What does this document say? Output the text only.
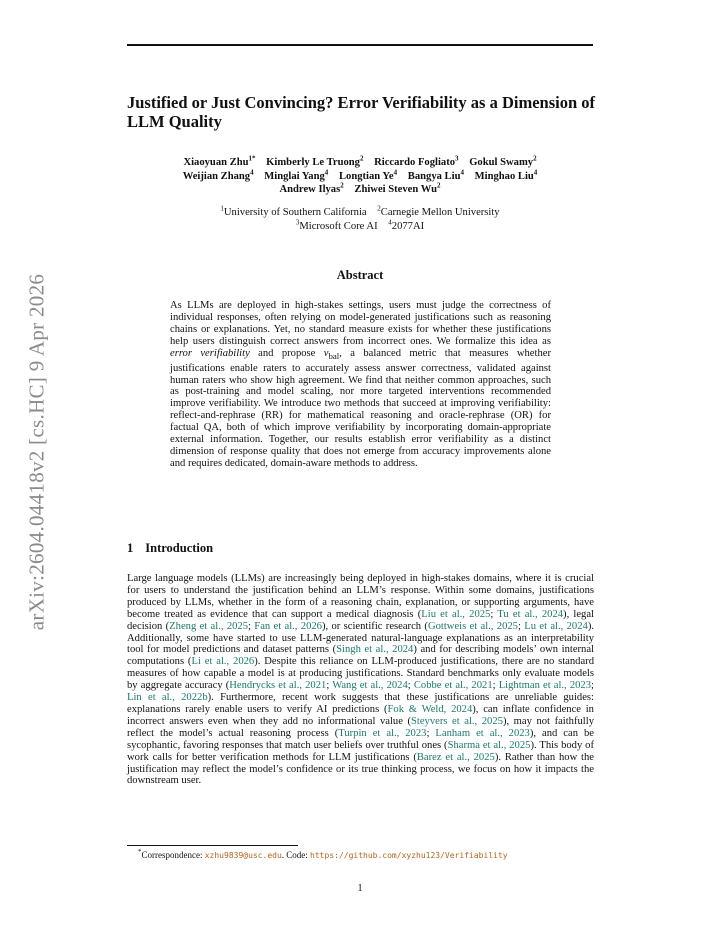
arXiv:2604.04418v2 [cs.HC] 9 Apr 2026
Justified or Just Convincing? Error Verifiability as a Dimension of LLM Quality
Xiaoyuan Zhu$^{1*}$ Kimberly Le Truong$^2$ Riccardo Fogliato$^3$ Gokul Swamy$^2$
Weijian Zhang$^4$ Minglai Yang$^4$ Longtian Ye$^4$ Bangya Liu$^4$ Minghao Liu$^4$
Andrew Ilyas$^2$ Zhiwei Steven Wu$^2$
$^1$University of Southern California $^2$Carnegie Mellon University
$^3$Microsoft Core AI $^4$2077AI
Abstract

As LLMs are deployed in high-stakes settings, users must judge the correctness of individual responses, often relying on model-generated justifications such as reasoning chains or explanations. Yet, no standard measure exists for whether these justifications help users distinguish correct answers from incorrect ones. We formalize this idea as error verifiability and propose $v_{bal}$, a balanced metric that measures whether justifications enable raters to accurately assess answer correctness, validated against human raters who show high agreement. We find that neither common approaches, such as post-training and model scaling, nor more targeted interventions recommended improve verifiability. We introduce two methods that succeed at improving verifiability: reflect-and-rephrase (RR) for mathematical reasoning and oracle-rephrase (OR) for factual QA, both of which improve verifiability by incorporating domain-appropriate external information. Together, our results establish error verifiability as a distinct dimension of response quality that does not emerge from accuracy improvements alone and requires dedicated, domain-aware methods to address.

1 Introduction

Large language models (LLMs) are increasingly being deployed in high-stakes domains, where it is crucial for users to understand the justification behind an LLM’s response. Within some domains, justifications produced by LLMs, whether in the form of a reasoning chain, explanation, or supporting arguments, have become treated as evidence that can support a medical diagnosis (Liu et al., 2025; Tu et al., 2024), legal decision (Zheng et al., 2025; Fan et al., 2026), or scientific research (Gottweis et al., 2025; Lu et al., 2024). Additionally, some have started to use LLM-generated natural-language explanations as an interpretability tool for model predictions and dataset patterns (Singh et al., 2024) and for describing models’ own internal computations (Li et al., 2026). Despite this reliance on LLM-produced justifications, there are no standard measures of how capable a model is at producing justifications. Standard benchmarks only evaluate models by aggregate accuracy (Hendrycks et al., 2021; Wang et al., 2024; Cobbe et al., 2021; Lightman et al., 2023; Lin et al., 2022b). Furthermore, recent work suggests that these justifications are unreliable guides: explanations rarely enable users to verify AI predictions (Fok & Weld, 2024), can inflate confidence in incorrect answers even when they add no informational value (Steyvers et al., 2025), may not faithfully reflect the model’s actual reasoning process (Turpin et al., 2023; Lanham et al., 2023), and can be sycophantic, favoring responses that match user beliefs over truthful ones (Sharma et al., 2025). This body of work calls for better verification methods for LLM justifications (Barez et al., 2025). Rather than how the justification may reflect the model’s confidence or its true thinking process, we focus on how it impacts the downstream user.

*Correspondence: xzhu9839@usc.edu. Code: https://github.com/xyzhu123/Verifiability
1
